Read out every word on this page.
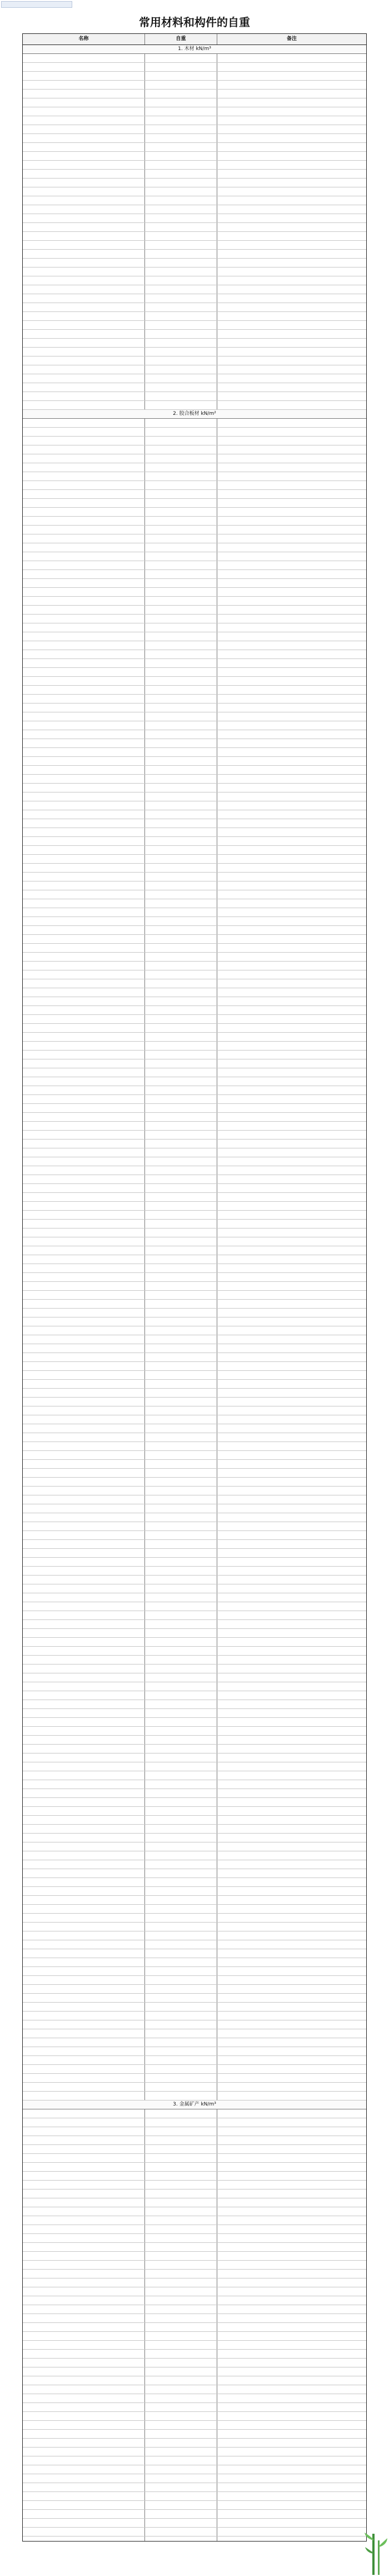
常用材料和构件的自重
名称	自重	备注
1. 木材 kN/m³
2. 胶合板材 kN/m²
3. 金属矿产 kN/m³
